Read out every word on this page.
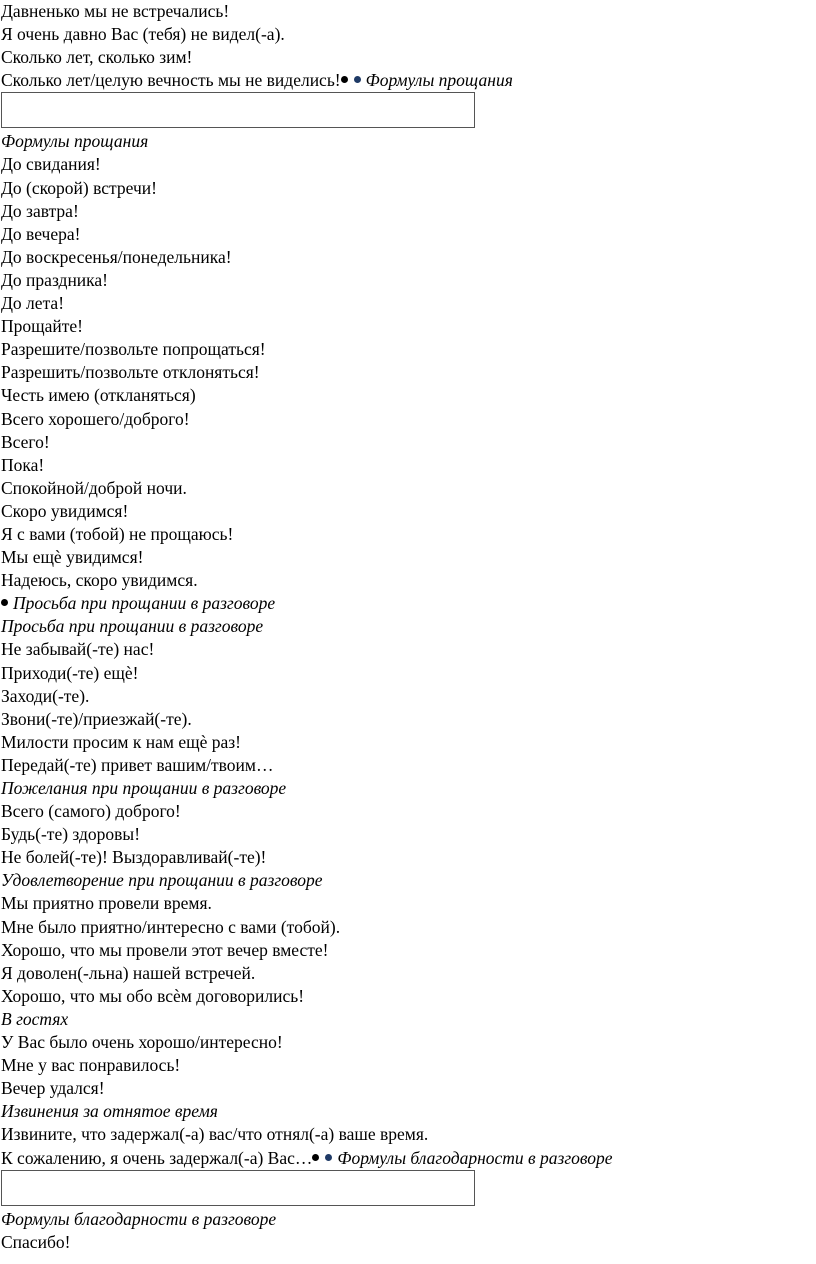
Давненько мы не встречались!
Я очень давно Вас (тебя) не видел(-а).
Сколько лет, сколько зим!
Сколько лет/целую вечность мы не виделись! Формулы прощания
Формулы прощания
До свидания!
До (скорой) встречи!
До завтра!
До вечера!
До воскресенья/понедельника!
До праздника!
До лета!
Прощайте!
Разрешите/позвольте попрощаться!
Разрешить/позвольте отклоняться!
Честь имею (откланяться)
Всего хорошего/доброго!
Всего!
Пока!
Спокойной/доброй ночи.
Скоро увидимся!
Я с вами (тобой) не прощаюсь!
Мы ещѐ увидимся!
Надеюсь, скоро увидимся.
Просьба при прощании в разговоре
Просьба при прощании в разговоре
Не забывай(-те) нас!
Приходи(-те) ещѐ!
Заходи(-те).
Звони(-те)/приезжай(-те).
Милости просим к нам ещѐ раз!
Передай(-те) привет вашим/твоим…
Пожелания при прощании в разговоре
Всего (самого) доброго!
Будь(-те) здоровы!
Не болей(-те)! Выздоравливай(-те)!
Удовлетворение при прощании в разговоре
Мы приятно провели время.
Мне было приятно/интересно с вами (тобой).
Хорошо, что мы провели этот вечер вместе!
Я доволен(-льна) нашей встречей.
Хорошо, что мы обо всѐм договорились!
В гостях
У Вас было очень хорошо/интересно!
Мне у вас понравилось!
Вечер удался!
Извинения за отнятое время
Извините, что задержал(-а) вас/что отнял(-а) ваше время.
К сожалению, я очень задержал(-а) Вас… Формулы благодарности в разговоре
Формулы благодарности в разговоре
Спасибо!
